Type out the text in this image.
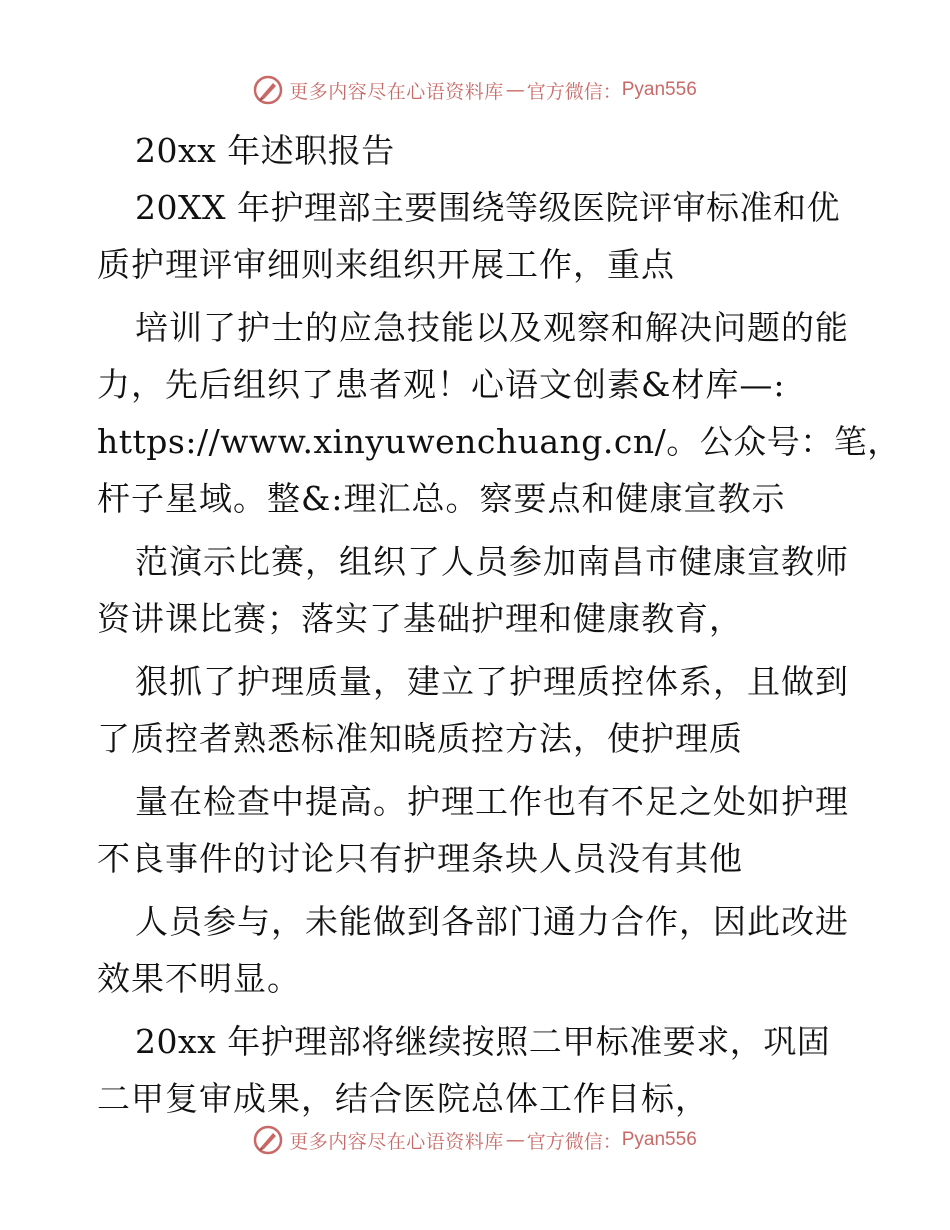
更多内容尽在心语资料库 — 官方微信： Pyan556
20xx 年述职报告
20XX 年护理部主要围绕等级医院评审标准和优
质护理评审细则来组织开展工作，重点
培训了护士的应急技能以及观察和解决问题的能
力，先后组织了患者观！心语文创素&材库—:
https://www.xinyuwenchuang.cn/。公众号：笔，
杆子星域。整&:理汇总。察要点和健康宣教示
范演示比赛，组织了人员参加南昌市健康宣教师
资讲课比赛；落实了基础护理和健康教育，
狠抓了护理质量，建立了护理质控体系，且做到
了质控者熟悉标准知晓质控方法，使护理质
量在检查中提高。护理工作也有不足之处如护理
不良事件的讨论只有护理条块人员没有其他
人员参与，未能做到各部门通力合作，因此改进
效果不明显。
20xx 年护理部将继续按照二甲标准要求，巩固
二甲复审成果，结合医院总体工作目标，
更多内容尽在心语资料库 — 官方微信： Pyan556
